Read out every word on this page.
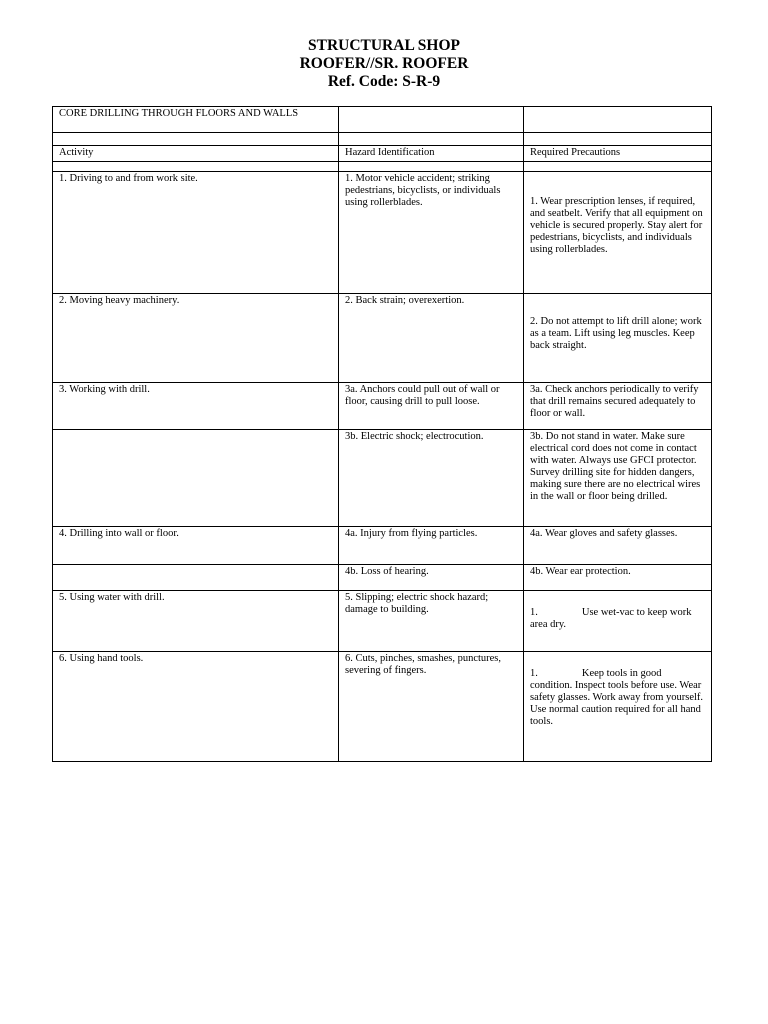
STRUCTURAL SHOP
ROOFER//SR. ROOFER
Ref. Code: S-R-9
CORE DRILLING THROUGH FLOORS AND WALLS		

Activity	Hazard Identification	Required Precautions

1. Driving to and from work site.	1. Motor vehicle accident; striking pedestrians, bicyclists, or individuals using rollerblades.	1. Wear prescription lenses, if required, and seatbelt. Verify that all equipment on vehicle is secured properly. Stay alert for pedestrians, bicyclists, and individuals using rollerblades.
2. Moving heavy machinery.	2. Back strain; overexertion.	2. Do not attempt to lift drill alone; work as a team. Lift using leg muscles. Keep back straight.
3. Working with drill.	3a. Anchors could pull out of wall or floor, causing drill to pull loose.	3a. Check anchors periodically to verify that drill remains secured adequately to floor or wall.
	3b. Electric shock; electrocution.	3b. Do not stand in water. Make sure electrical cord does not come in contact with water. Always use GFCI protector. Survey drilling site for hidden dangers, making sure there are no electrical wires in the wall or floor being drilled.
4. Drilling into wall or floor.	4a. Injury from flying particles.	4a. Wear gloves and safety glasses.
	4b. Loss of hearing.	4b. Wear ear protection.
5. Using water with drill.	5. Slipping; electric shock hazard; damage to building.	1. Use wet-vac to keep work area dry.
6. Using hand tools.	6. Cuts, pinches, smashes, punctures, severing of fingers.	1. Keep tools in good condition. Inspect tools before use. Wear safety glasses. Work away from yourself. Use normal caution required for all hand tools.
